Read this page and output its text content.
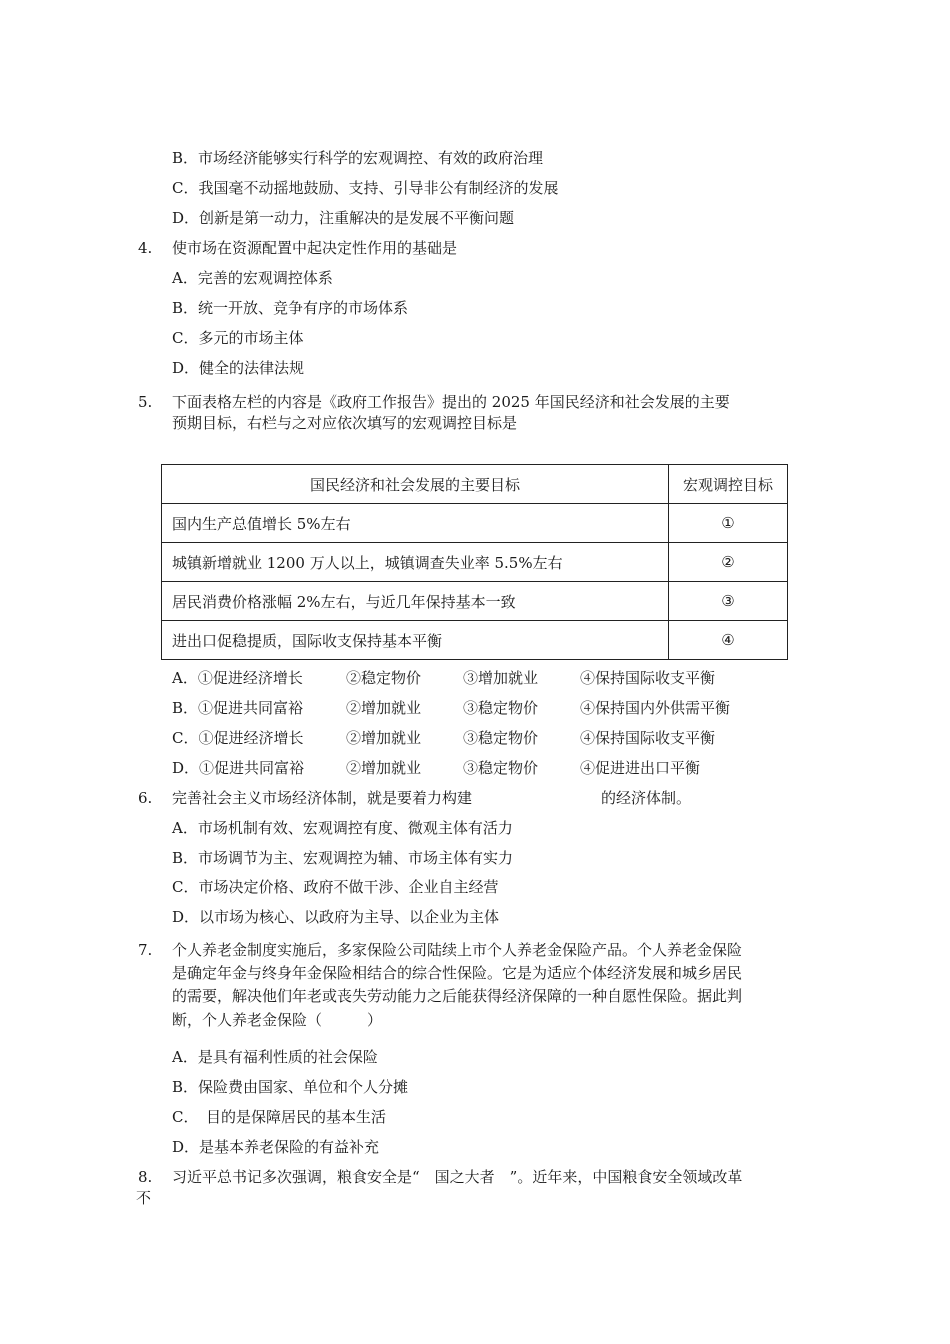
B．市场经济能够实行科学的宏观调控、有效的政府治理
C．我国毫不动摇地鼓励、支持、引导非公有制经济的发展
D．创新是第一动力，注重解决的是发展不平衡问题
4. 使市场在资源配置中起决定性作用的基础是
A．完善的宏观调控体系
B．统一开放、竞争有序的市场体系
C．多元的市场主体
D．健全的法律法规
5. 下面表格左栏的内容是《政府工作报告》提出的 2025 年国民经济和社会发展的主要
预期目标，右栏与之对应依次填写的宏观调控目标是
国民经济和社会发展的主要目标	宏观调控目标
国内生产总值增长 5%左右	①
城镇新增就业 1200 万人以上，城镇调查失业率 5.5%左右	②
居民消费价格涨幅 2%左右，与近几年保持基本一致	③
进出口促稳提质，国际收支保持基本平衡	④
A．①促进经济增长	②稳定物价	③增加就业	④保持国际收支平衡
B．①促进共同富裕	②增加就业	③稳定物价	④保持国内外供需平衡
C．①促进经济增长	②增加就业	③稳定物价	④保持国际收支平衡
D．①促进共同富裕	②增加就业	③稳定物价	④促进进出口平衡
6. 完善社会主义市场经济体制，就是要着力构建	的经济体制。
A．市场机制有效、宏观调控有度、微观主体有活力
B．市场调节为主、宏观调控为辅、市场主体有实力
C．市场决定价格、政府不做干涉、企业自主经营
D．以市场为核心、以政府为主导、以企业为主体
7. 个人养老金制度实施后，多家保险公司陆续上市个人养老金保险产品。个人养老金保险
是确定年金与终身年金保险相结合的综合性保险。它是为适应个体经济发展和城乡居民
的需要，解决他们年老或丧失劳动能力之后能获得经济保障的一种自愿性保险。据此判
断，个人养老金保险（　　　）
A．是具有福利性质的社会保险
B．保险费由国家、单位和个人分摊
C．　目的是保障居民的基本生活
D．是基本养老保险的有益补充
8. 习近平总书记多次强调，粮食安全是“　国之大者　”。近年来，中国粮食安全领域改革
不
